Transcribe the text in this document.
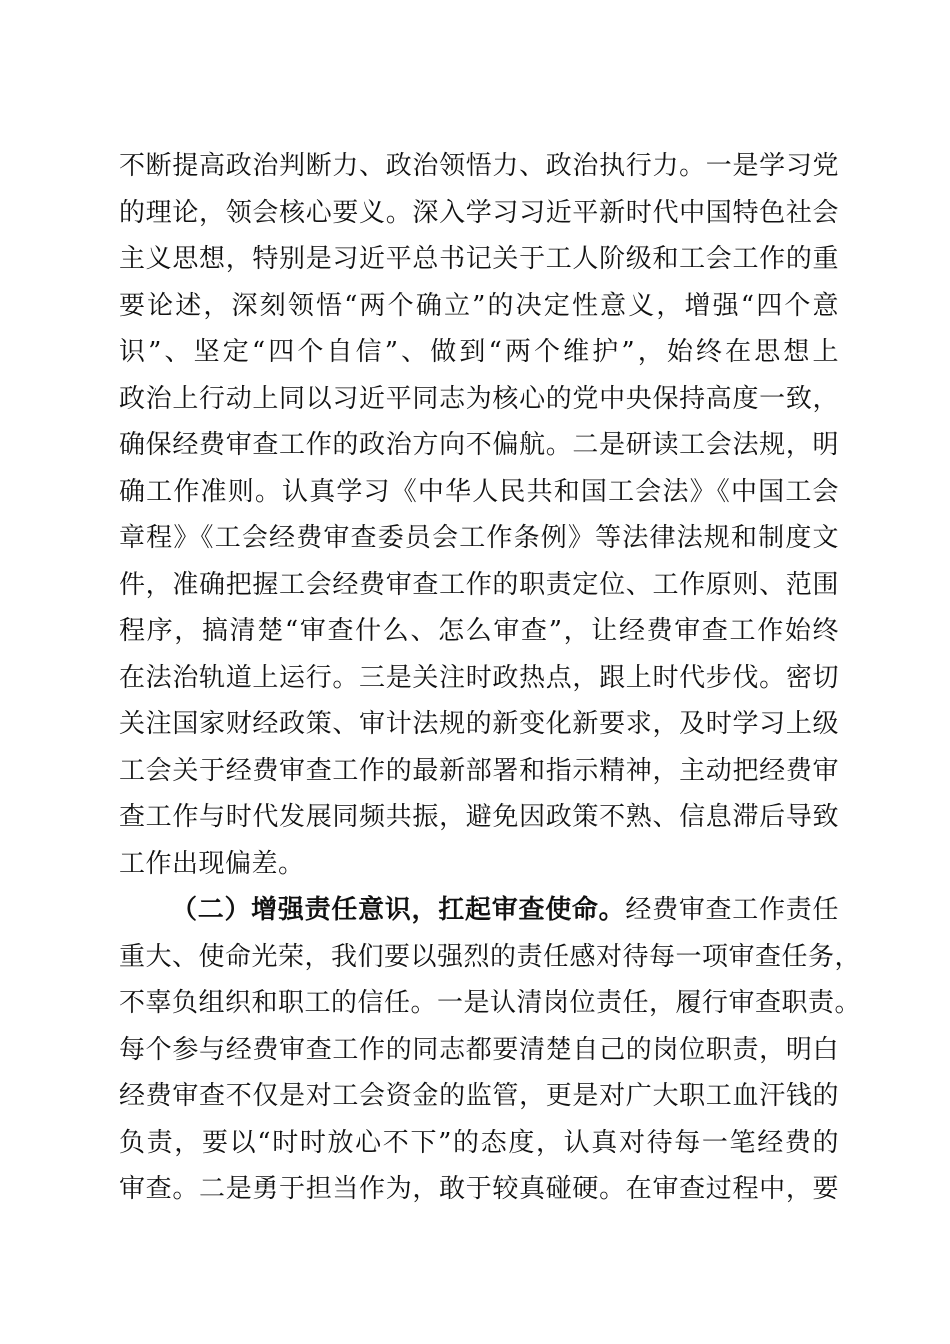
不断提高政治判断力、政治领悟力、政治执行力。一是学习党
的理论，领会核心要义。深入学习习近平新时代中国特色社会
主义思想，特别是习近平总书记关于工人阶级和工会工作的重
要论述，深刻领悟“两个确立”的决定性意义，增强“四个意
识”、坚定“四个自信”、做到“两个维护”，始终在思想上
政治上行动上同以习近平同志为核心的党中央保持高度一致，
确保经费审查工作的政治方向不偏航。二是研读工会法规，明
确工作准则。认真学习《中华人民共和国工会法》《中国工会
章程》《工会经费审查委员会工作条例》等法律法规和制度文
件，准确把握工会经费审查工作的职责定位、工作原则、范围
程序，搞清楚“审查什么、怎么审查”，让经费审查工作始终
在法治轨道上运行。三是关注时政热点，跟上时代步伐。密切
关注国家财经政策、审计法规的新变化新要求，及时学习上级
工会关于经费审查工作的最新部署和指示精神，主动把经费审
查工作与时代发展同频共振，避免因政策不熟、信息滞后导致
工作出现偏差。
（二）增强责任意识，扛起审查使命。经费审查工作责任
重大、使命光荣，我们要以强烈的责任感对待每一项审查任务，
不辜负组织和职工的信任。一是认清岗位责任，履行审查职责。
每个参与经费审查工作的同志都要清楚自己的岗位职责，明白
经费审查不仅是对工会资金的监管，更是对广大职工血汗钱的
负责，要以“时时放心不下”的态度，认真对待每一笔经费的
审查。二是勇于担当作为，敢于较真碰硬。在审查过程中，要
